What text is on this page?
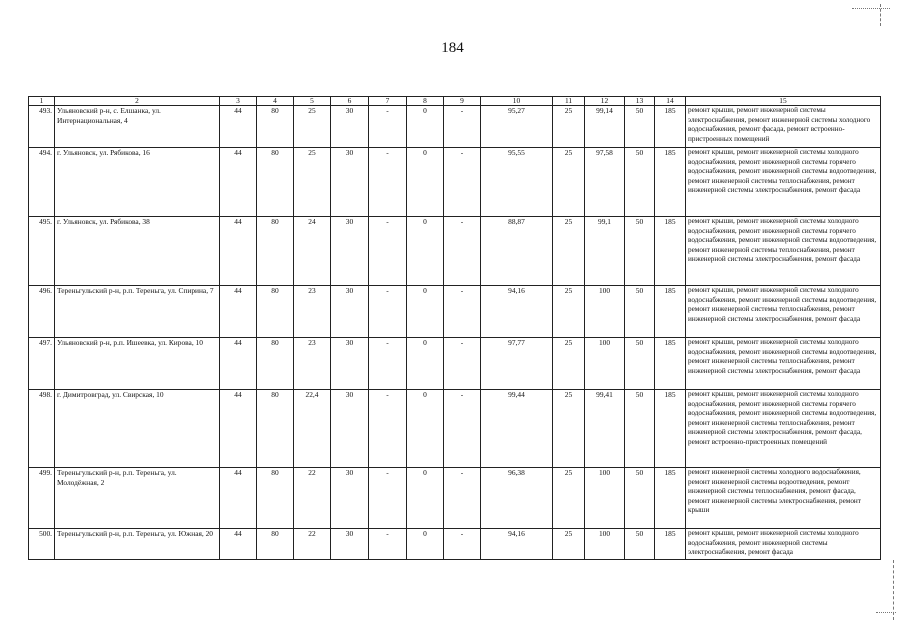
184
1	2	3	4	5	6	7	8	9	10	11	12	13	14	15
493.	Ульяновский р-н, с. Елшанка, ул. Интернациональная, 4	44	80	25	30	-	0	-	95,27	25	99,14	50	185	ремонт крыши, ремонт инженерной системы электроснабжения, ремонт инженерной системы холодного водоснабжения, ремонт фасада, ремонт встроенно-пристроенных помещений
494.	г. Ульяновск, ул. Рябикова, 16	44	80	25	30	-	0	-	95,55	25	97,58	50	185	ремонт крыши, ремонт инженерной системы холодного водоснабжения, ремонт инженерной системы горячего водоснабжения, ремонт инженерной системы водоотведения, ремонт инженерной системы теплоснабжения, ремонт инженерной системы электроснабжения, ремонт фасада
495.	г. Ульяновск, ул. Рябикова, 38	44	80	24	30	-	0	-	88,87	25	99,1	50	185	ремонт крыши, ремонт инженерной системы холодного водоснабжения, ремонт инженерной системы горячего водоснабжения, ремонт инженерной системы водоотведения, ремонт инженерной системы теплоснабжения, ремонт инженерной системы электроснабжения, ремонт фасада
496.	Тереньгульский р-н, р.п. Тереньга, ул. Спирина, 7	44	80	23	30	-	0	-	94,16	25	100	50	185	ремонт крыши, ремонт инженерной системы холодного водоснабжения, ремонт инженерной системы водоотведения, ремонт инженерной системы теплоснабжения, ремонт инженерной системы электроснабжения, ремонт фасада
497.	Ульяновский р-н, р.п. Ишеевка, ул. Кирова, 10	44	80	23	30	-	0	-	97,77	25	100	50	185	ремонт крыши, ремонт инженерной системы холодного водоснабжения, ремонт инженерной системы водоотведения, ремонт инженерной системы теплоснабжения, ремонт инженерной системы электроснабжения, ремонт фасада
498.	г. Димитровград, ул. Свирская, 10	44	80	22,4	30	-	0	-	99,44	25	99,41	50	185	ремонт крыши, ремонт инженерной системы холодного водоснабжения, ремонт инженерной системы горячего водоснабжения, ремонт инженерной системы водоотведения, ремонт инженерной системы теплоснабжения, ремонт инженерной системы электроснабжения, ремонт фасада, ремонт встроенно-пристроенных помещений
499.	Тереньгульский р-н, р.п. Тереньга, ул. Молодёжная, 2	44	80	22	30	-	0	-	96,38	25	100	50	185	ремонт инженерной системы холодного водоснабжения, ремонт инженерной системы водоотведения, ремонт инженерной системы теплоснабжения, ремонт фасада, ремонт инженерной системы электроснабжения, ремонт крыши
500.	Тереньгульский р-н, р.п. Тереньга, ул. Южная, 20	44	80	22	30	-	0	-	94,16	25	100	50	185	ремонт крыши, ремонт инженерной системы холодного водоснабжения, ремонт инженерной системы электроснабжения, ремонт фасада
